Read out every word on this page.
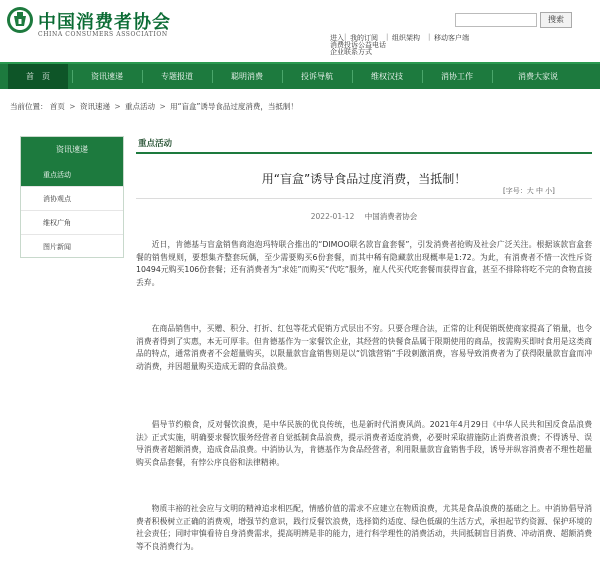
中国消费者协会
CHINA CONSUMERS ASSOCIATION
搜索
进入 | 我的订阅 | 组织架构 | 移动客户端
消费投诉公益电话
企业联系方式
首　页	资讯速递	专题报道	聪明消费	投诉导航	维权汉技	消协工作	消费大家说
当前位置： 首页 > 资讯速递 > 重点活动 > 用“盲盒”诱导食品过度消费，当抵制！
资讯速递
重点活动
消协观点
维权广角
图片新闻
重点活动
用“盲盒”诱导食品过度消费，当抵制！
[字号：大 中 小]
2022-01-12 中国消费者协会
近日，肯德基与盲盒销售商泡泡玛特联合推出的“DIMOO联名款盲盒套餐”，引发消费者抢购及社会广泛关注。根据该款盲盒套餐的销售规则，要想集齐整套玩偶，至少需要购买6份套餐，而其中稀有隐藏款出现概率是1:72。为此，有消费者不惜一次性斥资10494元购买106份套餐；还有消费者为“求娃”而购买“代吃”服务，雇人代买代吃套餐而获得盲盒，甚至不排除将吃不完的食物直接丢弃。
在商品销售中，买赠、积分、打折、红包等花式促销方式层出不穷。只要合理合法，正常的让利促销既使商家提高了销量，也令消费者得到了实惠，本无可厚非。但肯德基作为一家餐饮企业，其经营的快餐食品属于限期使用的商品，按需购买即时食用是这类商品的特点，通常消费者不会超量购买，以限量款盲盒销售则是以“饥饿营销”手段刺激消费，容易导致消费者为了获得限量款盲盒而冲动消费，并因超量购买造成无谓的食品浪费。
倡导节约粮食，反对餐饮浪费，是中华民族的优良传统，也是新时代消费风尚。2021年4月29日《中华人民共和国反食品浪费法》正式实施，明确要求餐饮服务经营者自觉抵制食品浪费，提示消费者适度消费，必要时采取措施防止消费者浪费；不得诱导、误导消费者超额消费，造成食品浪费。中消协认为，肯德基作为食品经营者，利用限量款盲盒销售手段，诱导并纵容消费者不理性超量购买食品套餐，有悖公序良俗和法律精神。
物质丰裕的社会应与文明的精神追求相匹配，情感价值的需求不应建立在物质浪费，尤其是食品浪费的基础之上。中消协倡导消费者积极树立正确的消费观，增强节约意识，践行反餐饮浪费，选择简约适度、绿色低碳的生活方式，承担起节约资源、保护环境的社会责任；同时审慎看待自身消费需求，提高明辨是非的能力，进行科学理性的消费活动，共同抵制盲目消费、冲动消费、超额消费等不良消费行为。
